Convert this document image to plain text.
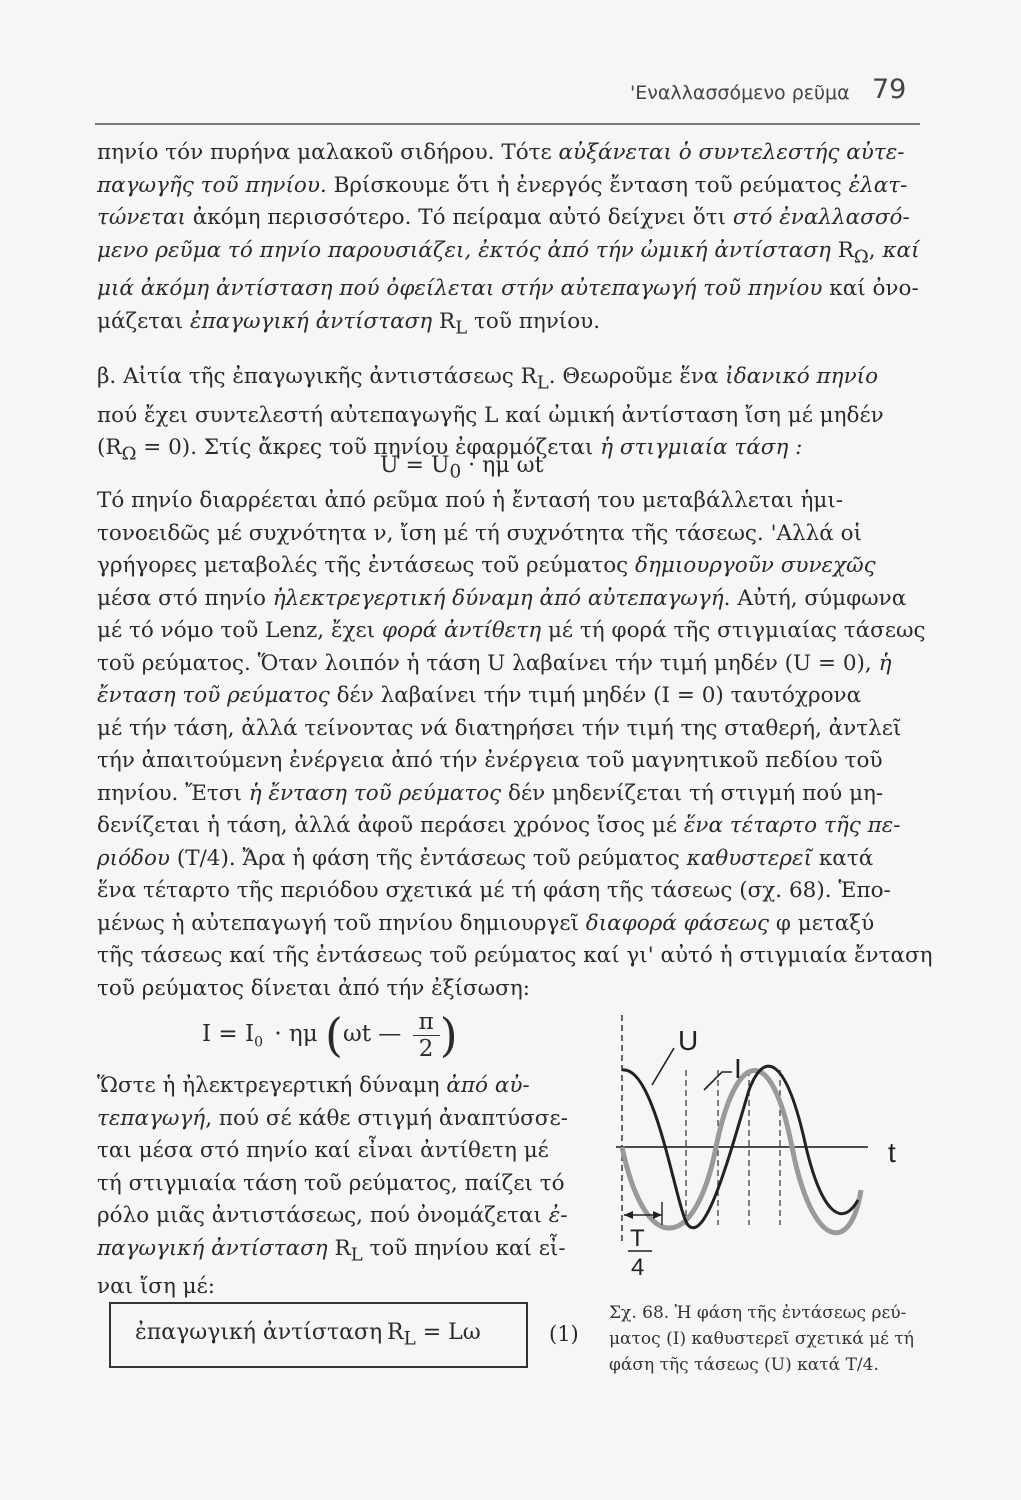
'Εναλλασσόμενο ρεῦμα 79
πηνίο τόν πυρήνα μαλακοῦ σιδήρου. Τότε αὐξάνεται ὁ συντελεστής αὐτε-
παγωγῆς τοῦ πηνίου. Βρίσκουμε ὅτι ἡ ἐνεργός ἔνταση τοῦ ρεύματος ἐλατ-
τώνεται ἀκόμη περισσότερο. Τό πείραμα αὐτό δείχνει ὅτι στό ἐναλλασσό-
μενο ρεῦμα τό πηνίο παρουσιάζει, ἐκτός ἀπό τήν ὠμική ἀντίσταση $R_\Omega$, καί
μιά ἀκόμη ἀντίσταση πού ὀφείλεται στήν αὐτεπαγωγή τοῦ πηνίου καί ὀνο-
μάζεται ἐπαγωγική ἀντίσταση $R_L$ τοῦ πηνίου.
β. Αἰτία τῆς ἐπαγωγικῆς ἀντιστάσεως $R_L$. Θεωροῦμε ἕνα ἰδανικό πηνίο
πού ἔχει συντελεστή αὐτεπαγωγῆς L καί ὠμική ἀντίσταση ἴση μέ μηδέν
$(R_\Omega = 0)$. Στίς ἄκρες τοῦ πηνίου ἐφαρμόζεται ἡ στιγμιαία τάση :
$U = U_0 \cdot \eta\mu$ ωt
Τό πηνίο διαρρέεται ἀπό ρεῦμα πού ἡ ἔντασή του μεταβάλλεται ἡμι-
τονοειδῶς μέ συχνότητα ν, ἴση μέ τή συχνότητα τῆς τάσεως. 'Αλλά οἱ
γρήγορες μεταβολές τῆς ἐντάσεως τοῦ ρεύματος δημιουργοῦν συνεχῶς
μέσα στό πηνίο ἠλεκτρεγερτική δύναμη ἀπό αὐτεπαγωγή. Αὐτή, σύμφωνα
μέ τό νόμο τοῦ Lenz, ἔχει φορά ἀντίθετη μέ τή φορά τῆς στιγμιαίας τάσεως
τοῦ ρεύματος. Ὅταν λοιπόν ἡ τάση U λαβαίνει τήν τιμή μηδέν (U = 0), ἡ
ἔνταση τοῦ ρεύματος δέν λαβαίνει τήν τιμή μηδέν (I = 0) ταυτόχρονα
μέ τήν τάση, ἀλλά τείνοντας νά διατηρήσει τήν τιμή της σταθερή, ἀντλεῖ
τήν ἀπαιτούμενη ἐνέργεια ἀπό τήν ἐνέργεια τοῦ μαγνητικοῦ πεδίου τοῦ
πηνίου. Ἔτσι ἡ ἔνταση τοῦ ρεύματος δέν μηδενίζεται τή στιγμή πού μη-
δενίζεται ἡ τάση, ἀλλά ἀφοῦ περάσει χρόνος ἴσος μέ ἕνα τέταρτο τῆς πε-
ριόδου (T/4). Ἄρα ἡ φάση τῆς ἐντάσεως τοῦ ρεύματος καθυστερεῖ κατά
ἕνα τέταρτο τῆς περιόδου σχετικά μέ τή φάση τῆς τάσεως (σχ. 68). Ἑπο-
μένως ἡ αὐτεπαγωγή τοῦ πηνίου δημιουργεῖ διαφορά φάσεως φ μεταξύ
τῆς τάσεως καί τῆς ἐντάσεως τοῦ ρεύματος καί γι' αὐτό ἡ στιγμιαία ἔνταση
τοῦ ρεύματος δίνεται ἀπό τήν ἐξίσωση:
$I = I_0 \cdot \eta\mu$ (ωt — $\frac{\pi}{2}$ )
Ὥστε ἡ ἠλεκτρεγερτική δύναμη ἀπό αὐ-
τεπαγωγή, πού σέ κάθε στιγμή ἀναπτύσσε-
ται μέσα στό πηνίο καί εἶναι ἀντίθετη μέ
τή στιγμιαία τάση τοῦ ρεύματος, παίζει τό
ρόλο μιᾶς ἀντιστάσεως, πού ὀνομάζεται ἐ-
παγωγική ἀντίσταση $R_L$ τοῦ πηνίου καί εἶ-
ναι ἴση μέ:
ἐπαγωγική ἀντίσταση $R_L = L\omega$	(1)
U
I
t
T
4
Σχ. 68. Ἡ φάση τῆς ἐντάσεως ρεύ-
ματος (I) καθυστερεῖ σχετικά μέ τή
φάση τῆς τάσεως (U) κατά T/4.
